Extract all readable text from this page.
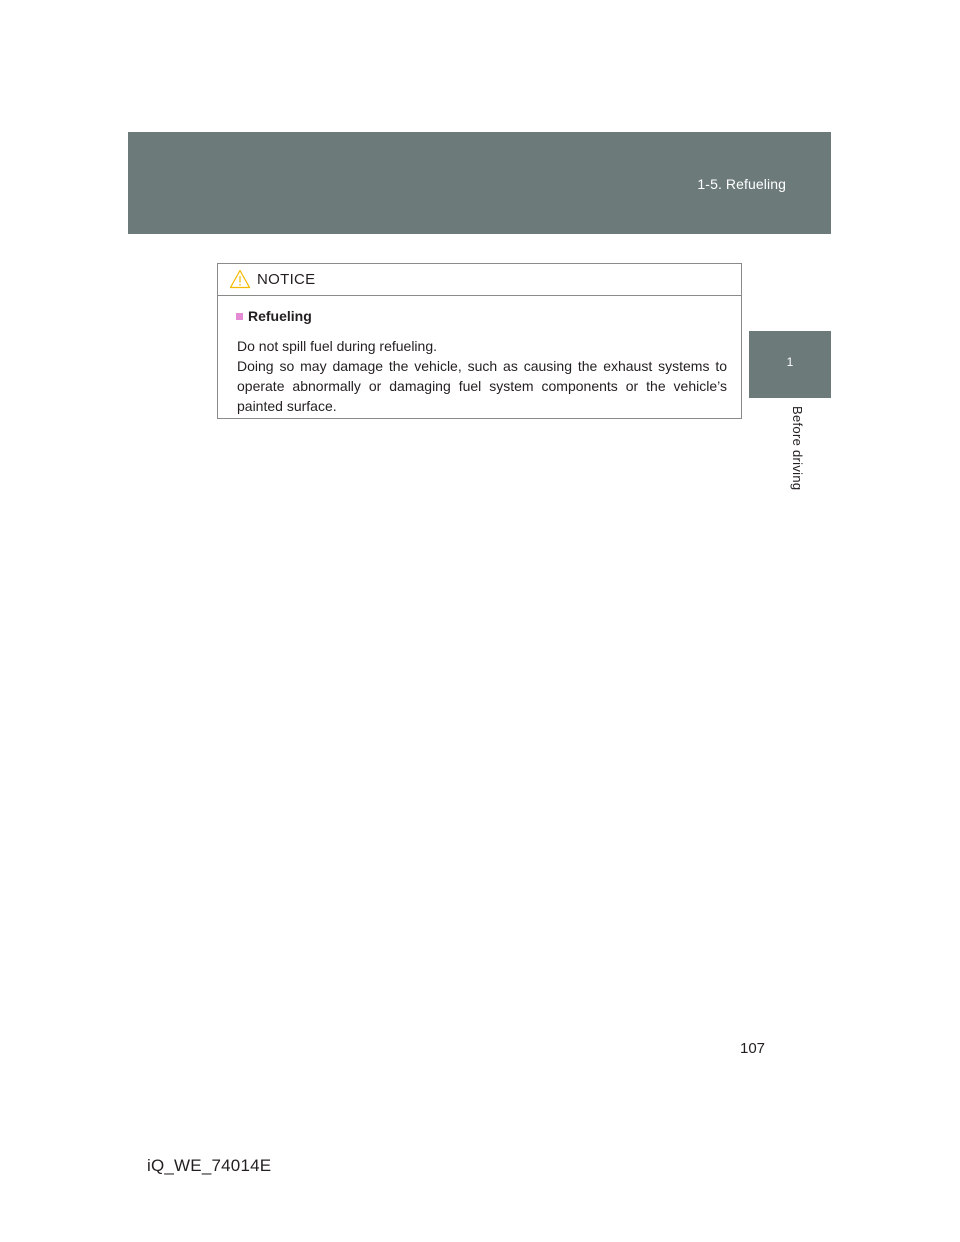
1-5. Refueling
1
Before driving
NOTICE
Refueling

Do not spill fuel during refueling.

Doing so may damage the vehicle, such as causing the exhaust systems to operate abnormally or damaging fuel system components or the vehicle’s painted surface.

107
iQ_WE_74014E
